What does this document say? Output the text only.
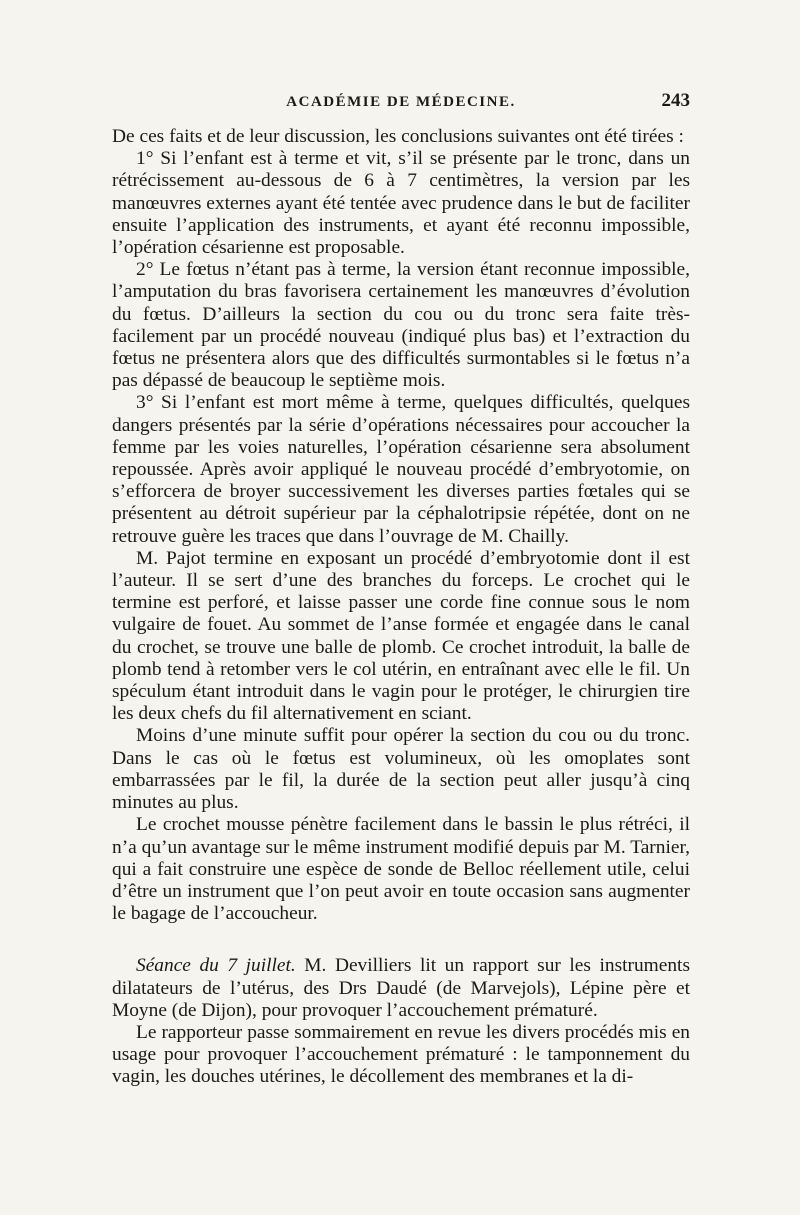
ACADÉMIE DE MÉDECINE.	243

De ces faits et de leur discussion, les conclusions suivantes ont été tirées :

1° Si l’enfant est à terme et vit, s’il se présente par le tronc, dans un rétrécissement au-dessous de 6 à 7 centimètres, la version par les manœuvres externes ayant été tentée avec prudence dans le but de faciliter ensuite l’application des instruments, et ayant été reconnu impossible, l’opération césarienne est proposable.

2° Le fœtus n’étant pas à terme, la version étant reconnue impossible, l’amputation du bras favorisera certainement les manœuvres d’évolution du fœtus. D’ailleurs la section du cou ou du tronc sera faite très-facilement par un procédé nouveau (indiqué plus bas) et l’extraction du fœtus ne présentera alors que des difficultés surmontables si le fœtus n’a pas dépassé de beaucoup le septième mois.

3° Si l’enfant est mort même à terme, quelques difficultés, quelques dangers présentés par la série d’opérations nécessaires pour accoucher la femme par les voies naturelles, l’opération césarienne sera absolument repoussée. Après avoir appliqué le nouveau procédé d’embryotomie, on s’efforcera de broyer successivement les diverses parties fœtales qui se présentent au détroit supérieur par la céphalotripsie répétée, dont on ne retrouve guère les traces que dans l’ouvrage de M. Chailly.

M. Pajot termine en exposant un procédé d’embryotomie dont il est l’auteur. Il se sert d’une des branches du forceps. Le crochet qui le termine est perforé, et laisse passer une corde fine connue sous le nom vulgaire de fouet. Au sommet de l’anse formée et engagée dans le canal du crochet, se trouve une balle de plomb. Ce crochet introduit, la balle de plomb tend à retomber vers le col utérin, en entraînant avec elle le fil. Un spéculum étant introduit dans le vagin pour le protéger, le chirurgien tire les deux chefs du fil alternativement en sciant.

Moins d’une minute suffit pour opérer la section du cou ou du tronc. Dans le cas où le fœtus est volumineux, où les omoplates sont embarrassées par le fil, la durée de la section peut aller jusqu’à cinq minutes au plus.

Le crochet mousse pénètre facilement dans le bassin le plus rétréci, il n’a qu’un avantage sur le même instrument modifié depuis par M. Tarnier, qui a fait construire une espèce de sonde de Belloc réellement utile, celui d’être un instrument que l’on peut avoir en toute occasion sans augmenter le bagage de l’accoucheur.

Séance du 7 juillet. M. Devilliers lit un rapport sur les instruments dilatateurs de l’utérus, des Drs Daudé (de Marvejols), Lépine père et Moyne (de Dijon), pour provoquer l’accouchement prématuré.

Le rapporteur passe sommairement en revue les divers procédés mis en usage pour provoquer l’accouchement prématuré : le tamponnement du vagin, les douches utérines, le décollement des membranes et la di-
